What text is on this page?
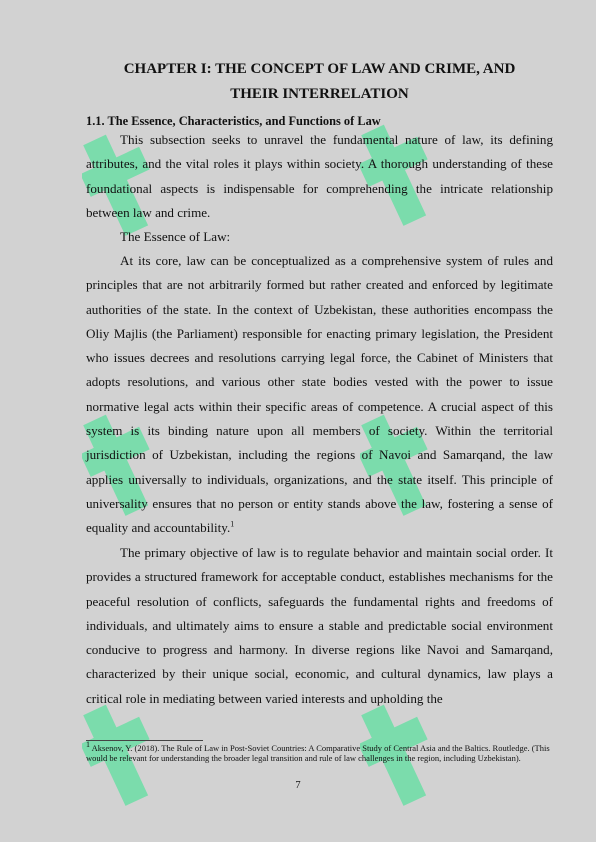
CHAPTER I: THE CONCEPT OF LAW AND CRIME, AND
THEIR INTERRELATION
1.1. The Essence, Characteristics, and Functions of Law

This subsection seeks to unravel the fundamental nature of law, its defining attributes, and the vital roles it plays within society. A thorough understanding of these foundational aspects is indispensable for comprehending the intricate relationship between law and crime.

The Essence of Law:

At its core, law can be conceptualized as a comprehensive system of rules and principles that are not arbitrarily formed but rather created and enforced by legitimate authorities of the state. In the context of Uzbekistan, these authorities encompass the Oliy Majlis (the Parliament) responsible for enacting primary legislation, the President who issues decrees and resolutions carrying legal force, the Cabinet of Ministers that adopts resolutions, and various other state bodies vested with the power to issue normative legal acts within their specific areas of competence. A crucial aspect of this system is its binding nature upon all members of society. Within the territorial jurisdiction of Uzbekistan, including the regions of Navoi and Samarqand, the law applies universally to individuals, organizations, and the state itself. This principle of universality ensures that no person or entity stands above the law, fostering a sense of equality and accountability.$^1$

The primary objective of law is to regulate behavior and maintain social order. It provides a structured framework for acceptable conduct, establishes mechanisms for the peaceful resolution of conflicts, safeguards the fundamental rights and freedoms of individuals, and ultimately aims to ensure a stable and predictable social environment conducive to progress and harmony. In diverse regions like Navoi and Samarqand, characterized by their unique social, economic, and cultural dynamics, law plays a critical role in mediating between varied interests and upholding the

$^1$ Aksenov, Y. (2018). The Rule of Law in Post-Soviet Countries: A Comparative Study of Central Asia and the Baltics. Routledge. (This would be relevant for understanding the broader legal transition and rule of law challenges in the region, including Uzbekistan).
7
